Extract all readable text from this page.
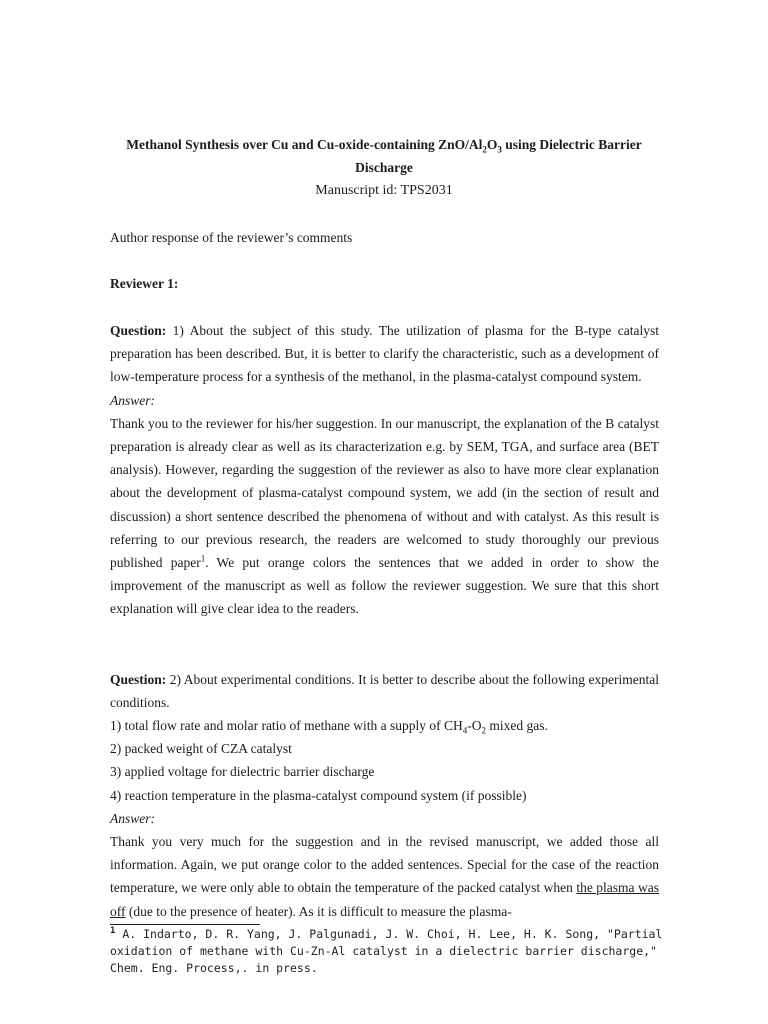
Methanol Synthesis over Cu and Cu-oxide-containing ZnO/$Al_2O_3$ using Dielectric Barrier Discharge
Manuscript id: TPS2031
Author response of the reviewer’s comments
Reviewer 1:

Question: 1) About the subject of this study. The utilization of plasma for the B-type catalyst preparation has been described. But, it is better to clarify the characteristic, such as a development of low-temperature process for a synthesis of the methanol, in the plasma-catalyst compound system.

Answer:

Thank you to the reviewer for his/her suggestion. In our manuscript, the explanation of the B catalyst preparation is already clear as well as its characterization e.g. by SEM, TGA, and surface area (BET analysis). However, regarding the suggestion of the reviewer as also to have more clear explanation about the development of plasma-catalyst compound system, we add (in the section of result and discussion) a short sentence described the phenomena of without and with catalyst. As this result is referring to our previous research, the readers are welcomed to study thoroughly our previous published paper$^1$. We put orange colors the sentences that we added in order to show the improvement of the manuscript as well as follow the reviewer suggestion. We sure that this short explanation will give clear idea to the readers.

Question: 2) About experimental conditions. It is better to describe about the following experimental conditions.

1) total flow rate and molar ratio of methane with a supply of $CH_4-O_2$ mixed gas.
2) packed weight of CZA catalyst
3) applied voltage for dielectric barrier discharge
4) reaction temperature in the plasma-catalyst compound system (if possible)
Answer:

Thank you very much for the suggestion and in the revised manuscript, we added those all information. Again, we put orange color to the added sentences. Special for the case of the reaction temperature, we were only able to obtain the temperature of the packed catalyst when the plasma was off (due to the presence of heater). As it is difficult to measure the plasma-

$^1$ A. Indarto, D. R. Yang, J. Palgunadi, J. W. Choi, H. Lee, H. K. Song, "Partial oxidation of methane with Cu-Zn-Al catalyst in a dielectric barrier discharge," Chem. Eng. Process,. in press.
